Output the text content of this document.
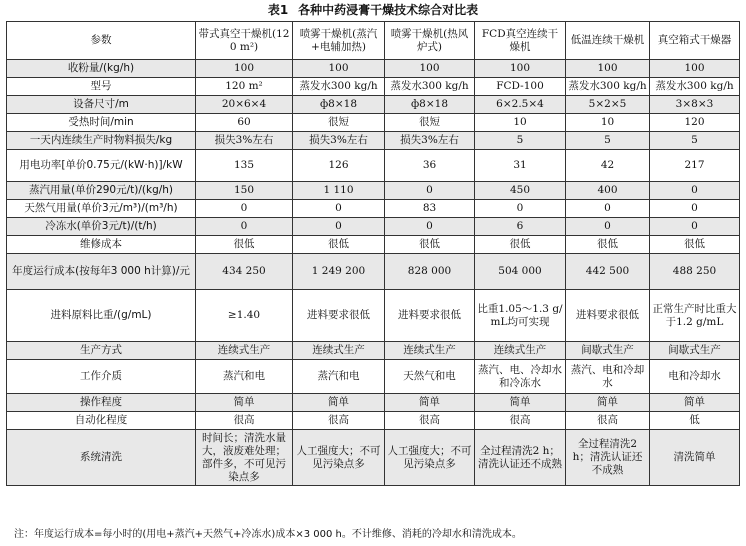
表1 各种中药浸膏干燥技术综合对比表
参数	带式真空干燥机(120 m²)	喷雾干燥机(蒸汽+电辅加热)	喷雾干燥机(热风炉式)	FCD真空连续干燥机	低温连续干燥机	真空箱式干燥器
收粉量/(kg/h)	100	100	100	100	100	100
型号	120 m²	蒸发水300 kg/h	蒸发水300 kg/h	FCD-100	蒸发水300 kg/h	蒸发水300 kg/h
设备尺寸/m	20×6×4	ф8×18	ф8×18	6×2.5×4	5×2×5	3×8×3
受热时间/min	60	很短	很短	10	10	120
一天内连续生产时物料损失/kg	损失3%左右	损失3%左右	损失3%左右	5	5	5
用电功率[单价0.75元/(kW·h)]/kW	135	126	36	31	42	217
蒸汽用量(单价290元/t)/(kg/h)	150	1 110	0	450	400	0
天然气用量(单价3元/m³)/(m³/h)	0	0	83	0	0	0
冷冻水(单价3元/t)/(t/h)	0	0	0	6	0	0
维修成本	很低	很低	很低	很低	很低	很低
年度运行成本(按每年3 000 h计算)/元	434 250	1 249 200	828 000	504 000	442 500	488 250
进料原料比重/(g/mL)	≥1.40	进料要求很低	进料要求很低	比重1.05～1.3 g/mL均可实现	进料要求很低	正常生产时比重大于1.2 g/mL
生产方式	连续式生产	连续式生产	连续式生产	连续式生产	间歇式生产	间歇式生产
工作介质	蒸汽和电	蒸汽和电	天然气和电	蒸汽、电、冷却水和冷冻水	蒸汽、电和冷却水	电和冷却水
操作程度	简单	简单	简单	简单	简单	简单
自动化程度	很高	很高	很高	很高	很高	低
系统清洗	时间长；清洗水量大，液废难处理；部件多，不可见污染点多	人工强度大；不可见污染点多	人工强度大；不可见污染点多	全过程清洗2 h；清洗认证还不成熟	全过程清洗2 h；清洗认证还不成熟	清洗简单
注：年度运行成本=每小时的(用电+蒸汽+天然气+冷冻水)成本×3 000 h。不计维修、消耗的冷却水和清洗成本。
